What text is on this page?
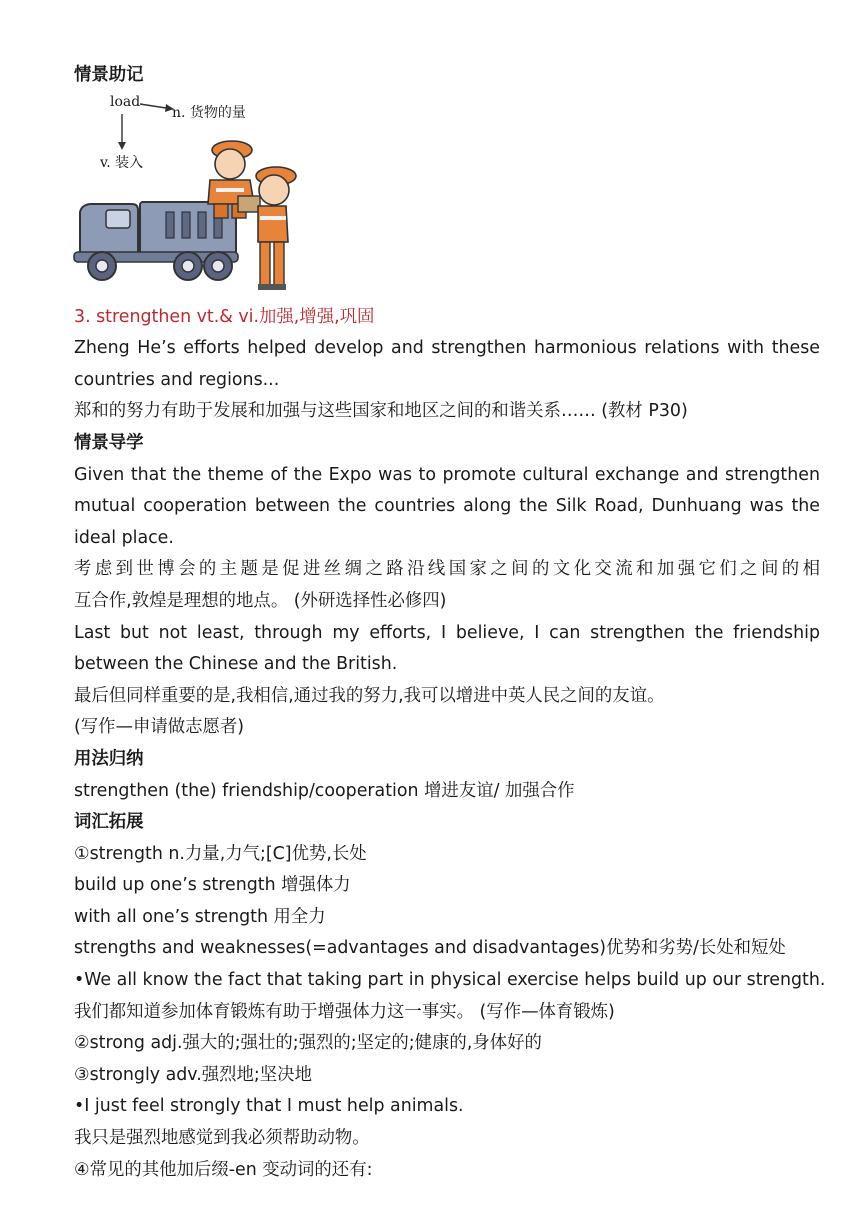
情景助记
load
n. 货物的量
v. 装入
3. strengthen vt.& vi.加强,增强,巩固
Zheng He’s efforts helped develop and strengthen harmonious relations with these
countries and regions...
郑和的努力有助于发展和加强与这些国家和地区之间的和谐关系…… (教材 P30)
情景导学
Given that the theme of the Expo was to promote cultural exchange and strengthen
mutual cooperation between the countries along the Silk Road, Dunhuang was the
ideal place.
考虑到世博会的主题是促进丝绸之路沿线国家之间的文化交流和加强它们之间的相
互合作,敦煌是理想的地点。 (外研选择性必修四)
Last but not least, through my efforts, I believe, I can strengthen the friendship
between the Chinese and the British.
最后但同样重要的是,我相信,通过我的努力,我可以增进中英人民之间的友谊。
(写作—申请做志愿者)
用法归纳
strengthen (the) friendship/cooperation 增进友谊/ 加强合作
词汇拓展
①strength n.力量,力气;[C]优势,长处
build up one’s strength 增强体力
with all one’s strength 用全力
strengths and weaknesses(=advantages and disadvantages)优势和劣势/长处和短处
•We all know the fact that taking part in physical exercise helps build up our strength.
我们都知道参加体育锻炼有助于增强体力这一事实。 (写作—体育锻炼)
②strong adj.强大的;强壮的;强烈的;坚定的;健康的,身体好的
③strongly adv.强烈地;坚决地
•I just feel strongly that I must help animals.
我只是强烈地感觉到我必须帮助动物。
④常见的其他加后缀-en 变动词的还有:
